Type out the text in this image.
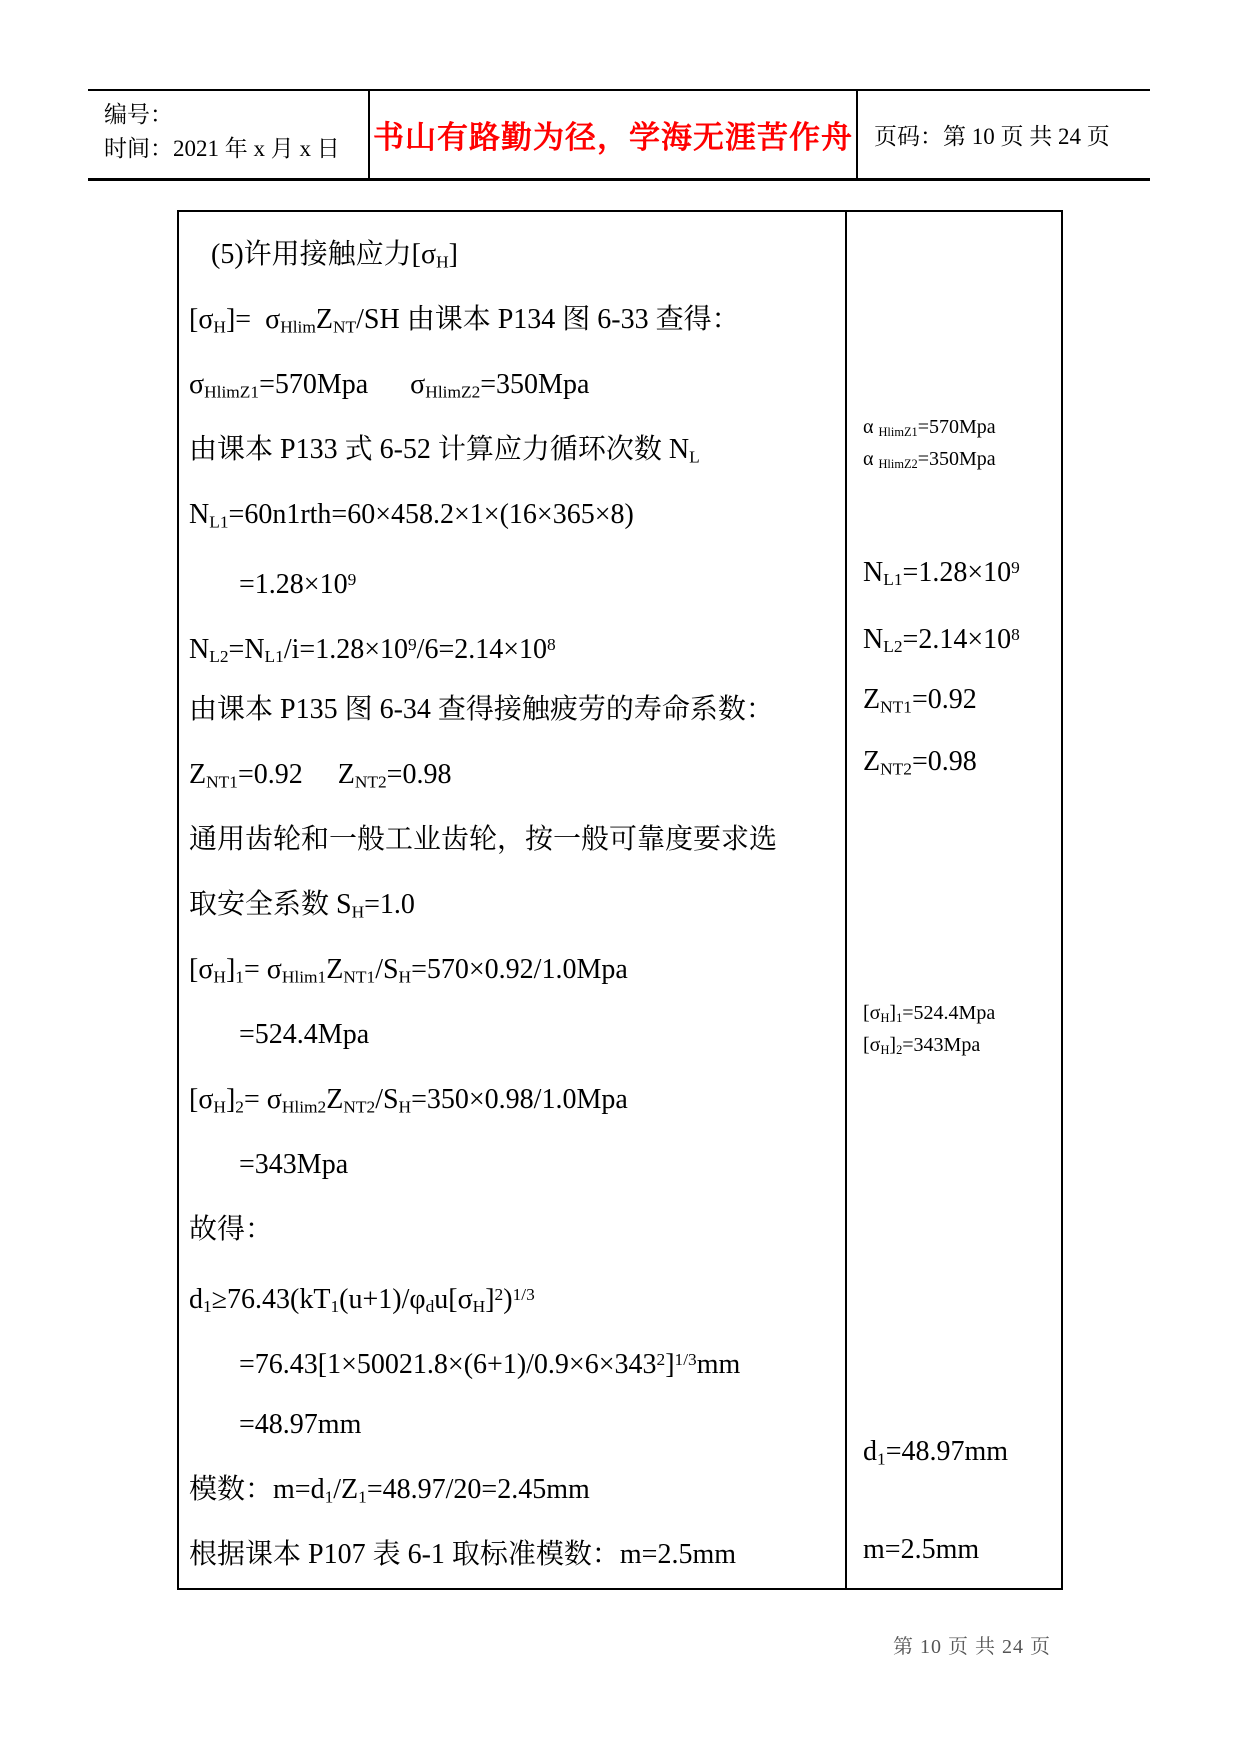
编号：
时间：2021 年 x 月 x 日	书山有路勤为径，学海无涯苦作舟 页码：第 10 页 共 24 页
(5)许用接触应力$[\sigma_H]$
$[\sigma_H]= \sigma_{Hlim}Z_{NT}/SH$ 由课本 P134 图 6-33 查得：
$\sigma_{HlimZ1}=570Mpa$      $\sigma_{HlimZ2}=350Mpa$
由课本 P133 式 6-52 计算应力循环次数 $N_L$
$N_{L1}=60n1rth=60\times 458.2\times 1\times(16\times 365\times 8)$
$=1.28\times 10^9$
$N_{L2}=N_{L1}/i=1.28\times 10^9/6=2.14\times 10^8$
由课本 P135 图 6-34 查得接触疲劳的寿命系数：
$Z_{NT1}=0.92$     $Z_{NT2}=0.98$
通用齿轮和一般工业齿轮，按一般可靠度要求选
取安全系数 $S_H=1.0$
$[\sigma_H]_1= \sigma_{Hlim1}Z_{NT1}/S_H=570\times 0.92/1.0Mpa$
=524.4Mpa
$[\sigma_H]_2= \sigma_{Hlim2}Z_{NT2}/S_H=350\times 0.98/1.0Mpa$
=343Mpa
故得：
$d_1\ge 76.43(kT_1(u+1)/\varphi_du[\sigma_H]^2)^{1/3}$
$=76.43[1\times 50021.8\times(6+1)/0.9\times 6\times 343^2]^{1/3}mm$
=48.97mm
模数：$m=d_1/Z_1=48.97/20=2.45mm$
根据课本 P107 表 6-1 取标准模数：m=2.5mm
α $_{HlimZ1}$=570Mpa
α $_{HlimZ2}$=350Mpa
$N_{L1}=1.28\times 10^9$
$N_{L2}=2.14\times 10^8$
$Z_{NT1}=0.92$
$Z_{NT2}=0.98$
$[\sigma_H]_1=524.4Mpa$
$[\sigma_H]_2=343Mpa$
$d_1=48.97mm$
m=2.5mm
第 10 页 共 24 页
